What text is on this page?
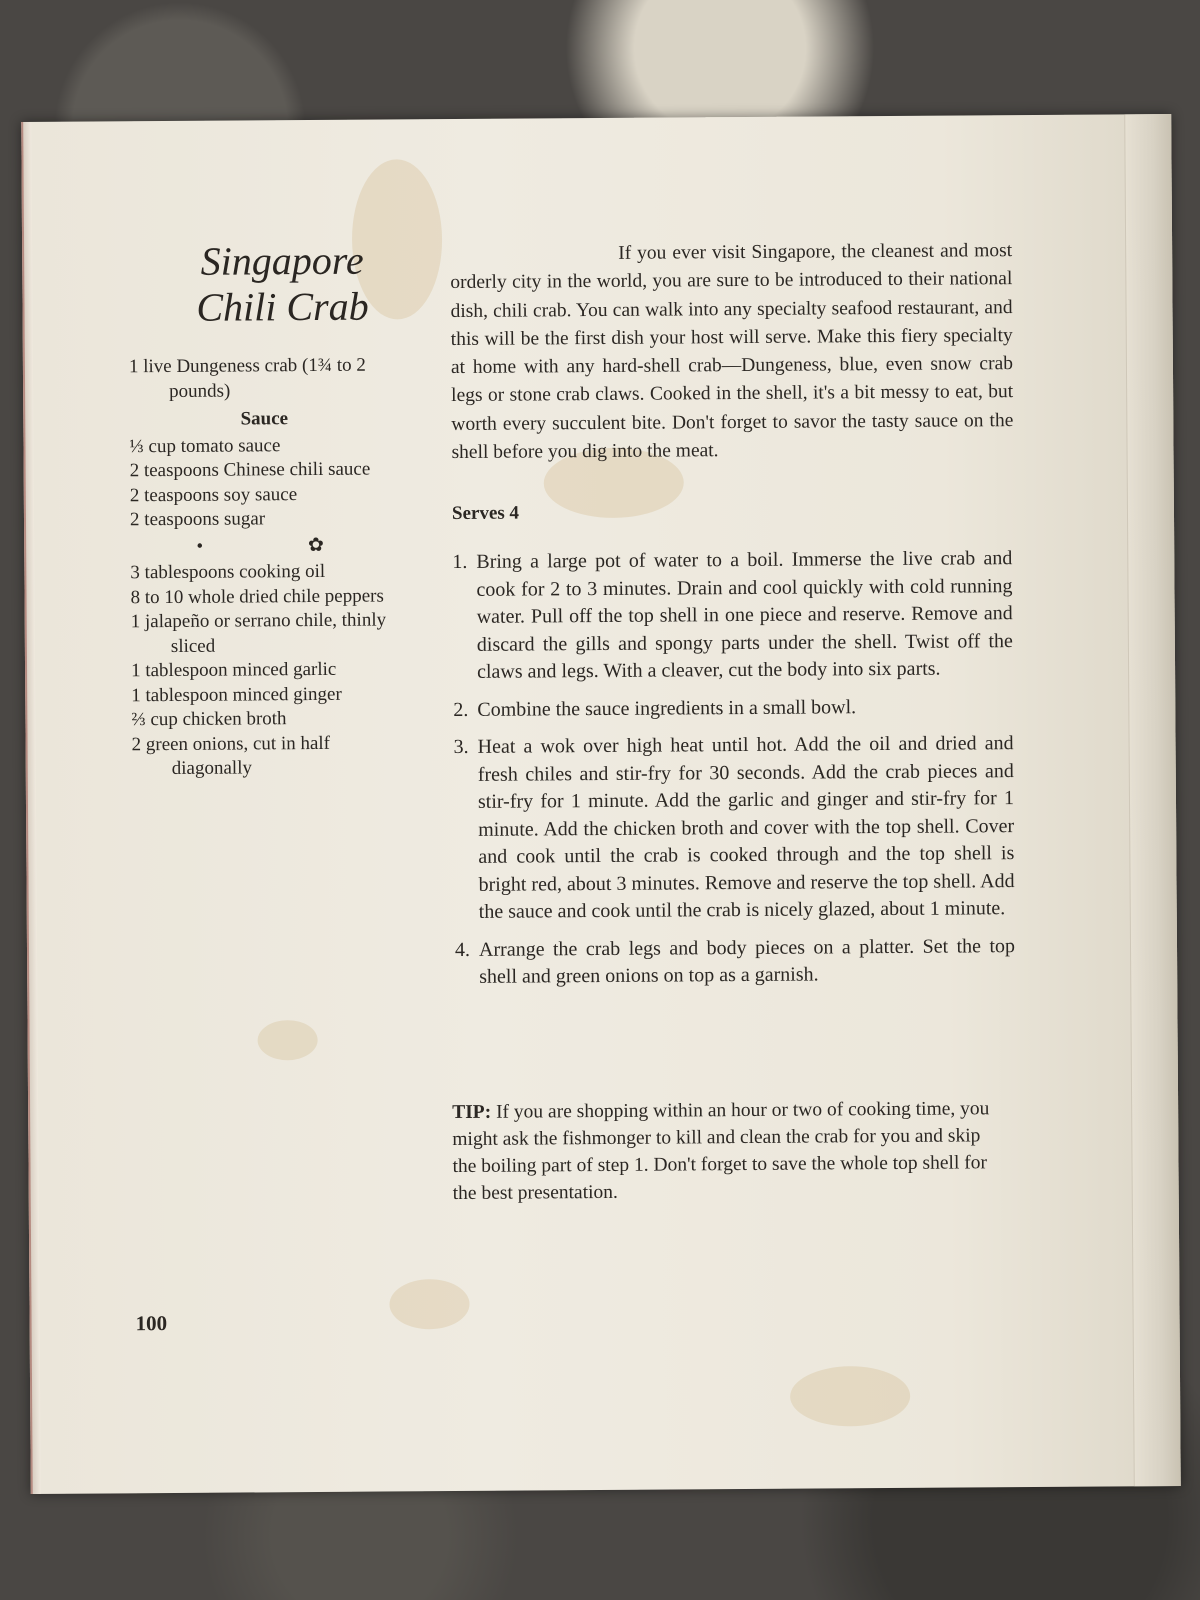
Singapore
Chili Crab
1 live Dungeness crab (1¾ to 2 pounds)
Sauce
⅓ cup tomato sauce
2 teaspoons Chinese chili sauce
2 teaspoons soy sauce
2 teaspoons sugar
• ✿
3 tablespoons cooking oil
8 to 10 whole dried chile peppers
1 jalapeño or serrano chile, thinly sliced
1 tablespoon minced garlic
1 tablespoon minced ginger
⅔ cup chicken broth
2 green onions, cut in half diagonally
If you ever visit Singapore, the cleanest and most orderly city in the world, you are sure to be introduced to their national dish, chili crab. You can walk into any specialty seafood restaurant, and this will be the first dish your host will serve. Make this fiery specialty at home with any hard-shell crab—Dungeness, blue, even snow crab legs or stone crab claws. Cooked in the shell, it's a bit messy to eat, but worth every succulent bite. Don't forget to savor the tasty sauce on the shell before you dig into the meat.
Serves 4
1. Bring a large pot of water to a boil. Immerse the live crab and cook for 2 to 3 minutes. Drain and cool quickly with cold running water. Pull off the top shell in one piece and reserve. Remove and discard the gills and spongy parts under the shell. Twist off the claws and legs. With a cleaver, cut the body into six parts.
2. Combine the sauce ingredients in a small bowl.
3. Heat a wok over high heat until hot. Add the oil and dried and fresh chiles and stir-fry for 30 seconds. Add the crab pieces and stir-fry for 1 minute. Add the garlic and ginger and stir-fry for 1 minute. Add the chicken broth and cover with the top shell. Cover and cook until the crab is cooked through and the top shell is bright red, about 3 minutes. Remove and reserve the top shell. Add the sauce and cook until the crab is nicely glazed, about 1 minute.
4. Arrange the crab legs and body pieces on a platter. Set the top shell and green onions on top as a garnish.
TIP: If you are shopping within an hour or two of cooking time, you might ask the fishmonger to kill and clean the crab for you and skip the boiling part of step 1. Don't forget to save the whole top shell for the best presentation.
100
